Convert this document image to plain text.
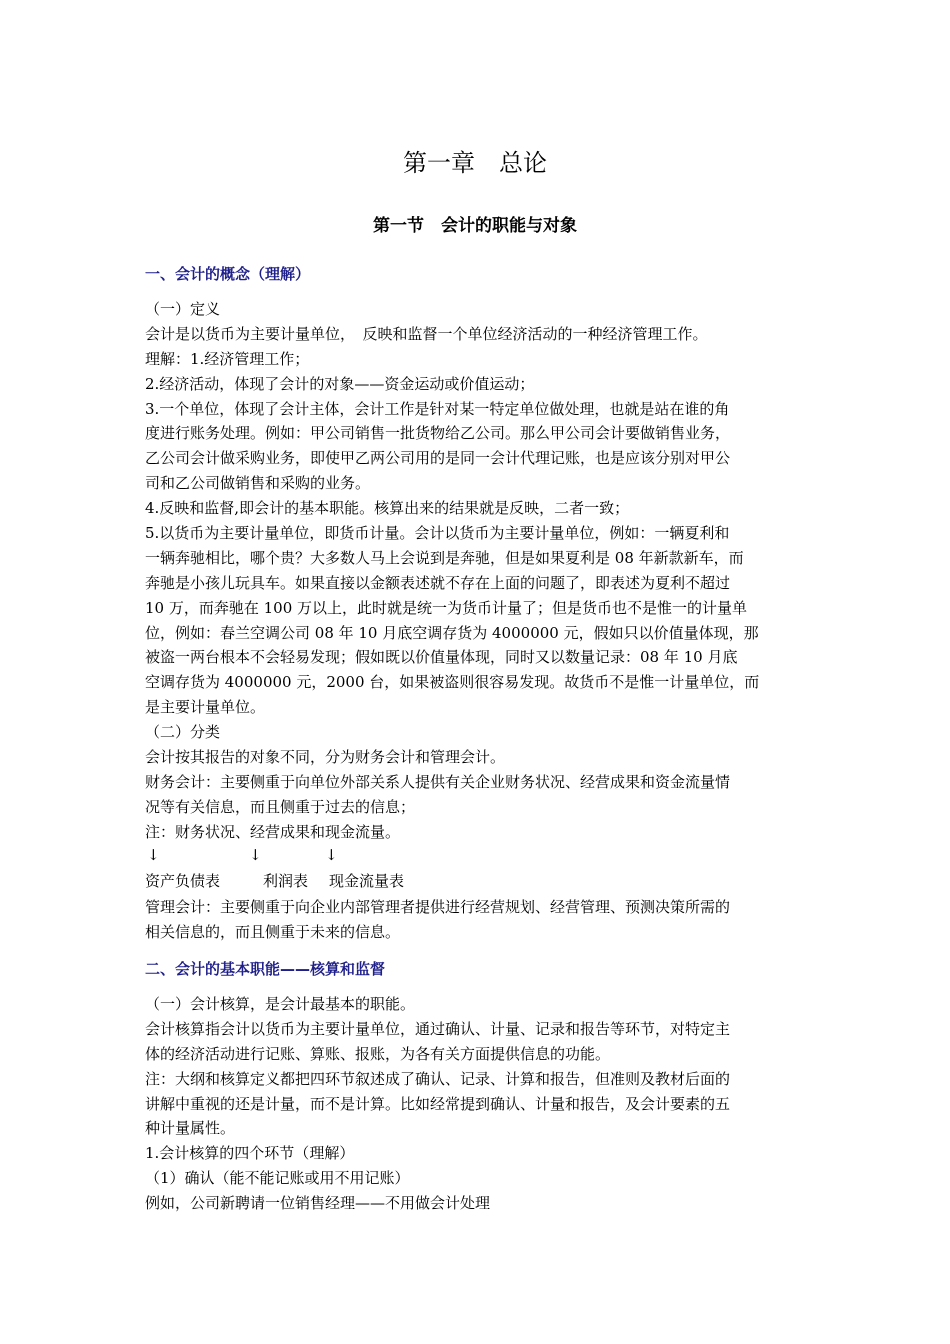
第一章　总论
第一节　会计的职能与对象
一、会计的概念（理解）
（一）定义
会计是以货币为主要计量单位，　反映和监督一个单位经济活动的一种经济管理工作。
理解：1.经济管理工作；
2.经济活动，体现了会计的对象——资金运动或价值运动；
3.一个单位，体现了会计主体，会计工作是针对某一特定单位做处理，也就是站在谁的角
度进行账务处理。例如：甲公司销售一批货物给乙公司。那么甲公司会计要做销售业务，
乙公司会计做采购业务，即使甲乙两公司用的是同一会计代理记账，也是应该分别对甲公
司和乙公司做销售和采购的业务。
4.反映和监督,即会计的基本职能。核算出来的结果就是反映，二者一致；
5.以货币为主要计量单位，即货币计量。会计以货币为主要计量单位，例如：一辆夏利和
一辆奔驰相比，哪个贵？大多数人马上会说到是奔驰，但是如果夏利是 08 年新款新车，而
奔驰是小孩儿玩具车。如果直接以金额表述就不存在上面的问题了，即表述为夏利不超过
10 万，而奔驰在 100 万以上，此时就是统一为货币计量了；但是货币也不是惟一的计量单
位，例如：春兰空调公司 08 年 10 月底空调存货为 4000000 元，假如只以价值量体现，那
被盗一两台根本不会轻易发现；假如既以价值量体现，同时又以数量记录：08 年 10 月底
空调存货为 4000000 元，2000 台，如果被盗则很容易发现。故货币不是惟一计量单位，而
是主要计量单位。
（二）分类
会计按其报告的对象不同，分为财务会计和管理会计。
财务会计：主要侧重于向单位外部关系人提供有关企业财务状况、经营成果和资金流量情
况等有关信息，而且侧重于过去的信息；
注：财务状况、经营成果和现金流量。
↓	↓	↓
资产负债表	利润表 现金流量表
管理会计：主要侧重于向企业内部管理者提供进行经营规划、经营管理、预测决策所需的
相关信息的，而且侧重于未来的信息。
二、会计的基本职能——核算和监督
（一）会计核算，是会计最基本的职能。
会计核算指会计以货币为主要计量单位，通过确认、计量、记录和报告等环节，对特定主
体的经济活动进行记账、算账、报账，为各有关方面提供信息的功能。
注：大纲和核算定义都把四环节叙述成了确认、记录、计算和报告，但准则及教材后面的
讲解中重视的还是计量，而不是计算。比如经常提到确认、计量和报告，及会计要素的五
种计量属性。
1.会计核算的四个环节（理解）
（1）确认（能不能记账或用不用记账）
例如，公司新聘请一位销售经理——不用做会计处理
